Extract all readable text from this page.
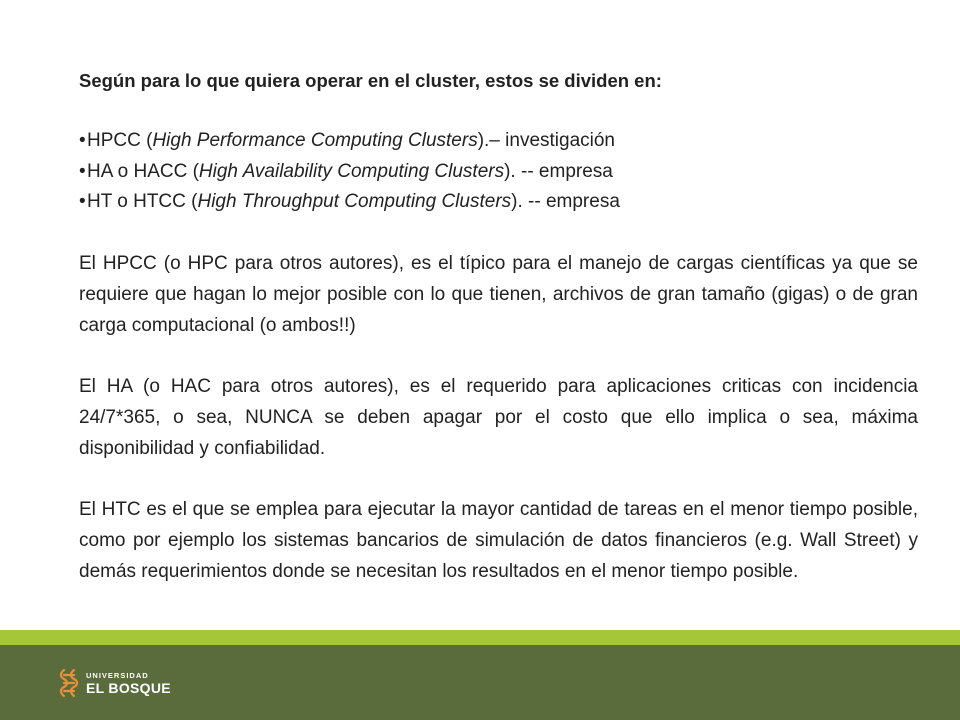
Según para lo que quiera operar en el cluster, estos se dividen en:

•HPCC (High Performance Computing Clusters).– investigación
•HA o HACC (High Availability Computing Clusters). -- empresa
•HT o HTCC (High Throughput Computing Clusters). -- empresa

El HPCC (o HPC para otros autores), es el típico para el manejo de cargas científicas ya que se requiere que hagan lo mejor posible con lo que tienen, archivos de gran tamaño (gigas) o de gran carga computacional (o ambos!!)

El HA (o HAC para otros autores), es el requerido para aplicaciones criticas con incidencia 24/7*365, o sea, NUNCA se deben apagar por el costo que ello implica o sea, máxima disponibilidad y confiabilidad.

El HTC es el que se emplea para ejecutar la mayor cantidad de tareas en el menor tiempo posible, como por ejemplo los sistemas bancarios de simulación de datos financieros (e.g. Wall Street) y demás requerimientos donde se necesitan los resultados en el menor tiempo posible.

UNIVERSIDAD
EL BOSQUE
